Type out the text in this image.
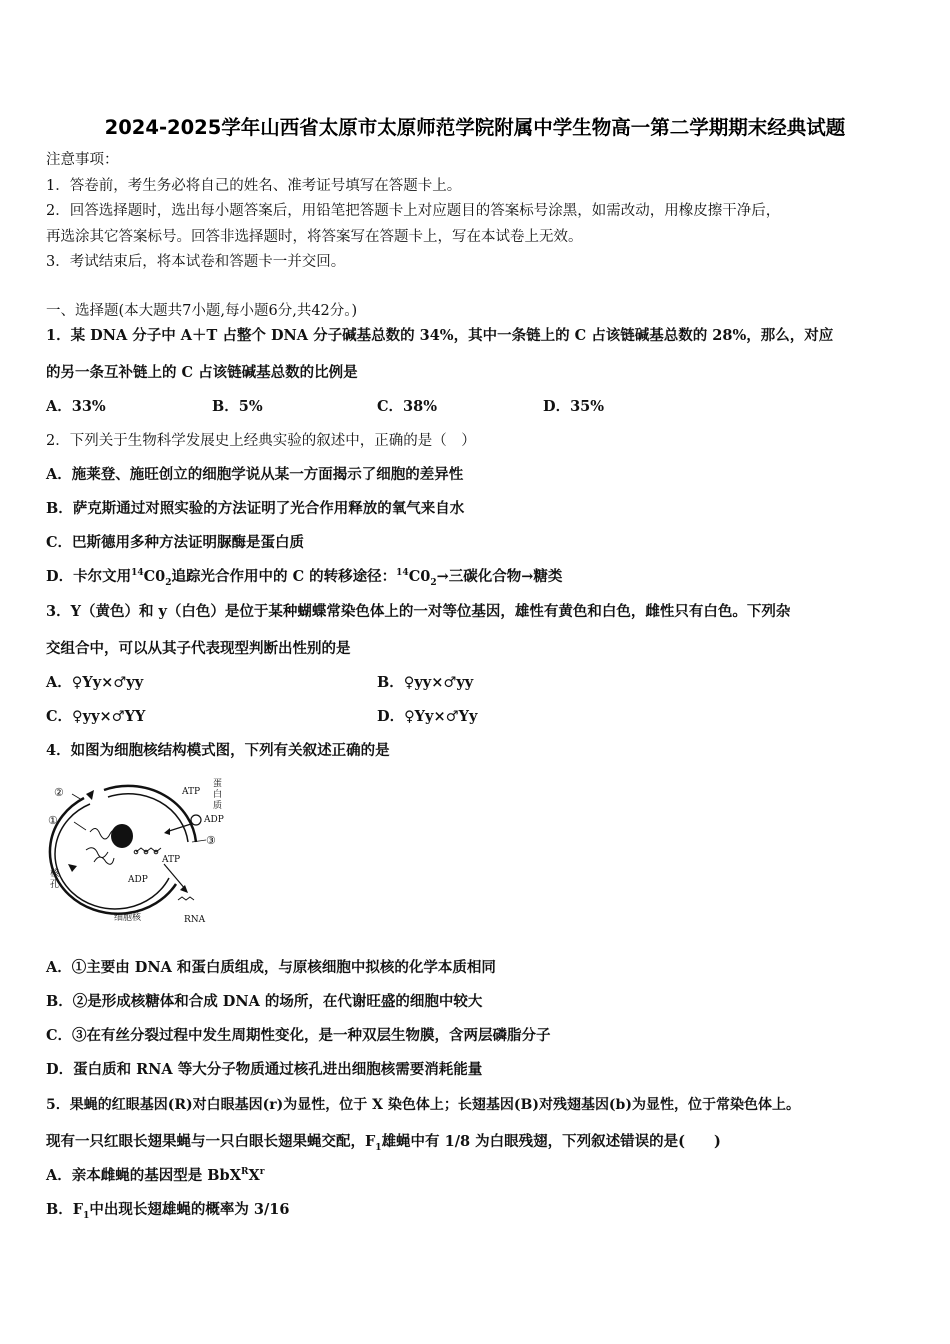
2024-2025学年山西省太原市太原师范学院附属中学生物高一第二学期期末经典试题
注意事项：
1．答卷前，考生务必将自己的姓名、准考证号填写在答题卡上。
2．回答选择题时，选出每小题答案后，用铅笔把答题卡上对应题目的答案标号涂黑，如需改动，用橡皮擦干净后，
再选涂其它答案标号。回答非选择题时，将答案写在答题卡上，写在本试卷上无效。
3．考试结束后，将本试卷和答题卡一并交回。
一、选择题(本大题共7小题,每小题6分,共42分。)
1．某 DNA 分子中 A＋T 占整个 DNA 分子碱基总数的 34%，其中一条链上的 C 占该链碱基总数的 28%，那么，对应
的另一条互补链上的 C 占该链碱基总数的比例是
A．33%	B．5%	C．38%	D．35%
2．下列关于生物科学发展史上经典实验的叙述中，正确的是（　）
A．施莱登、施旺创立的细胞学说从某一方面揭示了细胞的差异性
B．萨克斯通过对照实验的方法证明了光合作用释放的氧气来自水
C．巴斯德用多种方法证明脲酶是蛋白质
D．卡尔文用$^{14}C0_2$追踪光合作用中的 C 的转移途径：$^{14}C0_2\to$三碳化合物→糖类
3．Y（黄色）和 y（白色）是位于某种蝴蝶常染色体上的一对等位基因，雄性有黄色和白色，雌性只有白色。下列杂
交组合中，可以从其子代表现型判断出性别的是
A．♀Yy×♂yy	B．♀yy×♂yy
C．♀yy×♂YY	D．♀Yy×♂Yy
4．如图为细胞核结构模式图，下列有关叙述正确的是
①
②
③
ATP
ADP
ATP
ADP
蛋
白
质
核
孔
细胞核	RNA
A．①主要由 DNA 和蛋白质组成，与原核细胞中拟核的化学本质相同
B．②是形成核糖体和合成 DNA 的场所，在代谢旺盛的细胞中较大
C．③在有丝分裂过程中发生周期性变化，是一种双层生物膜，含两层磷脂分子
D．蛋白质和 RNA 等大分子物质通过核孔进出细胞核需要消耗能量
5．果蝇的红眼基因(R)对白眼基因(r)为显性，位于 X 染色体上；长翅基因(B)对残翅基因(b)为显性，位于常染色体上。
现有一只红眼长翅果蝇与一只白眼长翅果蝇交配，$F_1$雄蝇中有 1/8 为白眼残翅，下列叙述错误的是(　　)
A．亲本雌蝇的基因型是 $BbX^RX^r$
B．$F_1$中出现长翅雄蝇的概率为 3/16
